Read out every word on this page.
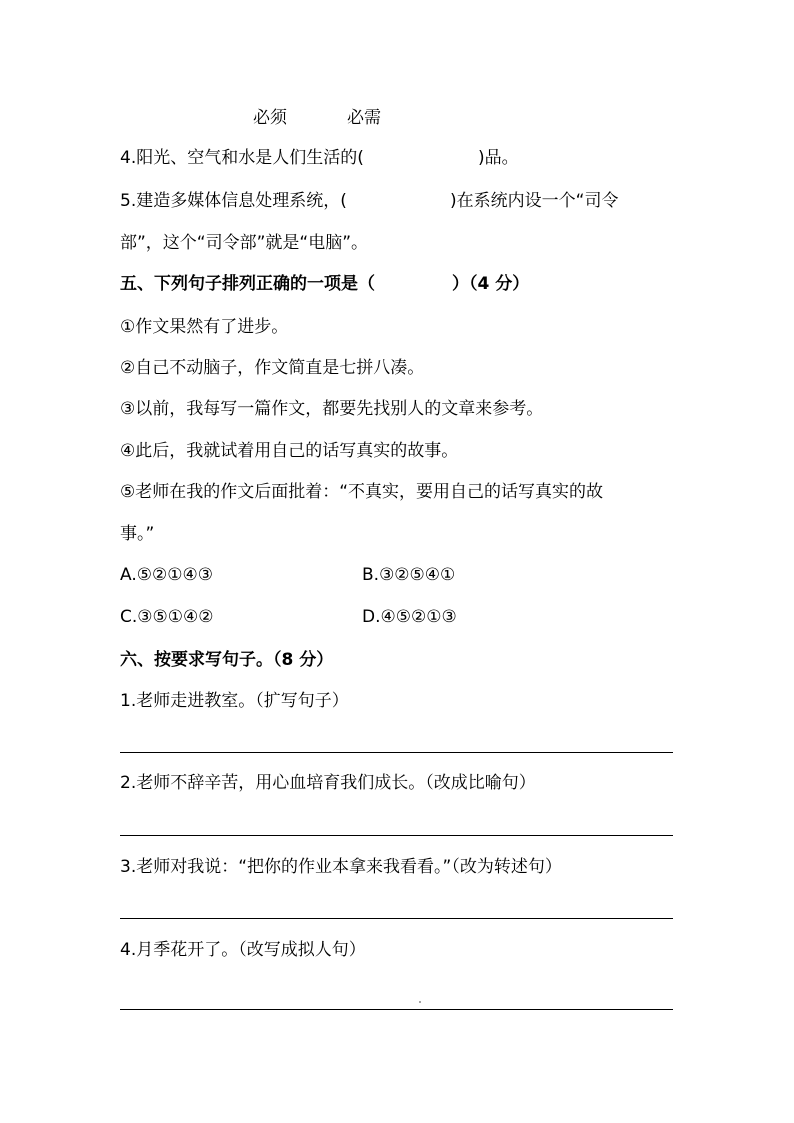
必须	必需
4.阳光、空气和水是人们生活的(	)品。
5.建造多媒体信息处理系统，(	)在系统内设一个“司令
部”，这个“司令部”就是“电脑”。
五、下列句子排列正确的一项是（	）（4 分）
①作文果然有了进步。
②自己不动脑子，作文简直是七拼八凑。
③以前，我每写一篇作文，都要先找别人的文章来参考。
④此后，我就试着用自己的话写真实的故事。
⑤老师在我的作文后面批着：“不真实，要用自己的话写真实的故
事。”
A.⑤②①④③	B.③②⑤④①
C.③⑤①④②	D.④⑤②①③
六、按要求写句子。（8 分）
1.老师走进教室。（扩写句子）
2.老师不辞辛苦，用心血培育我们成长。（改成比喻句）
3.老师对我说：“把你的作业本拿来我看看。”（改为转述句）
4.月季花开了。（改写成拟人句）
